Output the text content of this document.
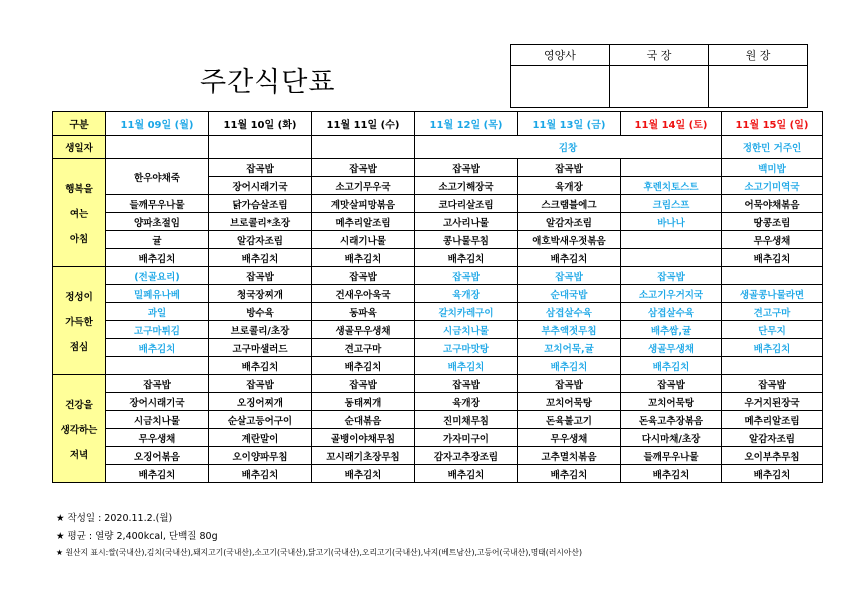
주간식단표
영양사	국 장	원 장

구분	11월 09일 (월)	11월 10일 (화)	11월 11일 (수)	11월 12일 (목)	11월 13일 (금)	11월 14일 (토)	11월 15일 (일)
생일자				김창			정한민 거주인
행복을

여는

아침	한우야채죽	잡곡밥	잡곡밥	잡곡밥	잡곡밥		백미밥
		장어시래기국	소고기무우국	소고기해장국	육개장	후렌치토스트	소고기미역국
	들깨무우나물	닭가슴살조림	계맛살피망볶음	코다리살조림	스크램블에그	크림스프	어묵야채볶음
	양파초절임	브로콜리*초장	메추리알조림	고사리나물	알감자조림	바나나	땅콩조림
	귤	알감자조림	시래기나물	콩나물무침	애호박새우젓볶음		무우생채
	배추김치	배추김치	배추김치	배추김치	배추김치		배추김치
정성이

가득한

점심	(전골요리)	잡곡밥	잡곡밥	잡곡밥	잡곡밥	잡곡밥	
	밀페유나베	청국장찌개	건새우아욱국	육개장	순대국밥	소고기우거지국	생골콩나물라면
	과일	방수육	동파육	갈치카레구이	삼겹살수육	삼겹살수육	견고구마
	고구마튀김	브로콜리/초장	생골무우생채	시금치나물	부추액젓무침	배추쌈,귤	단무지
	배추김치	고구마샐러드	견고구마	고구마맛탕	꼬치어묵,귤	생골무생채	배추김치
		배추김치	배추김치	배추김치	배추김치	배추김치	
건강을

생각하는

저녁	잡곡밥	잡곡밥	잡곡밥	잡곡밥	잡곡밥	잡곡밥	잡곡밥
	장어시래기국	오징어찌개	동태찌개	육개장	꼬치어묵탕	꼬치어묵탕	우거지된장국
	시금치나물	순살고등어구이	순대볶음	진미채무침	돈육불고기	돈육고추장볶음	메추리알조림
	무우생채	계란말이	골뱅이야채무침	가자미구이	무우생채	다시마채/초장	알감자조림
	오징어볶음	오이양파무침	꼬시래기초장무침	감자고추장조림	고추멸치볶음	들깨무우나물	오이부추무침
	배추김치	배추김치	배추김치	배추김치	배추김치	배추김치	배추김치
★ 작성일 : 2020.11.2.(월)
★ 평균 : 열량 2,400kcal, 단백질 80g
★ 원산지 표시:쌀(국내산),김치(국내산),돼지고기(국내산),소고기(국내산),닭고기(국내산),오리고기(국내산),낙지(베트남산),고등어(국내산),명태(러시아산)
